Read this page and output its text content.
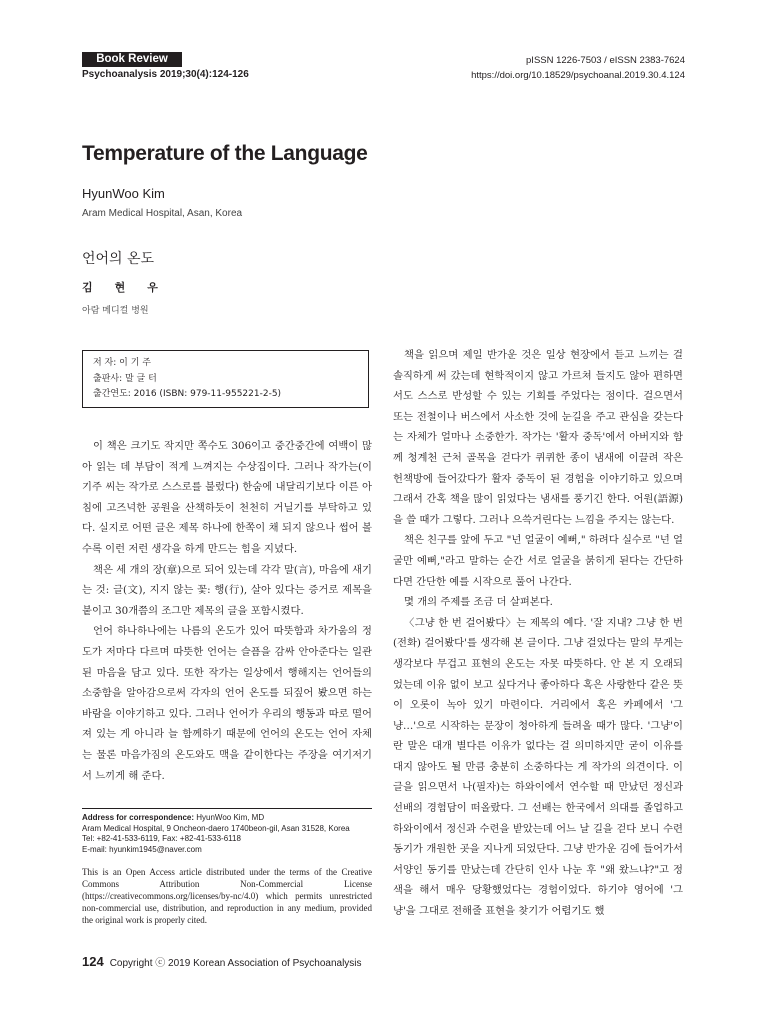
Book Review
Psychoanalysis 2019;30(4):124-126
pISSN 1226-7503 / eISSN 2383-7624
https://doi.org/10.18529/psychoanal.2019.30.4.124
Temperature of the Language
HyunWoo Kim
Aram Medical Hospital, Asan, Korea
언어의 온도
김현우
아람 메디컬 병원
저 자: 이 기 주
출판사: 말 글 터
출간연도: 2016 (ISBN: 979-11-955221-2-5)

이 책은 크기도 작지만 쪽수도 306이고 중간중간에 여백이 많아 읽는 데 부담이 적게 느껴지는 수상집이다. 그러나 작가는(이기주 씨는 작가로 스스로를 불렀다) 한숨에 내달리기보다 이른 아침에 고즈넉한 공원을 산책하듯이 천천히 거닐기를 부탁하고 있다. 실지로 어떤 글은 제목 하나에 한쪽이 채 되지 않으나 썹어 볼수록 이런 저런 생각을 하게 만드는 힘을 지녔다.

책은 세 개의 장(章)으로 되어 있는데 각각 말(言), 마음에 새기는 것: 글(文), 지지 않는 꽃: 행(行), 살아 있다는 증거로 제목을 붙이고 30개쯤의 조그만 제목의 글을 포함시켰다.

언어 하나하나에는 나름의 온도가 있어 따뜻함과 차가움의 정도가 저마다 다르며 따뜻한 언어는 슬픔을 감싸 안아준다는 일관된 마음을 담고 있다. 또한 작가는 일상에서 행해지는 언어들의 소중함을 알아감으로써 각자의 언어 온도를 되짚어 봤으면 하는 바람을 이야기하고 있다. 그러나 언어가 우리의 행동과 따로 떨어져 있는 게 아니라 늘 함께하기 때문에 언어의 온도는 언어 자체는 물론 마음가짐의 온도와도 맥을 같이한다는 주장을 여기저기서 느끼게 해 준다.

책을 읽으며 제일 반가운 것은 일상 현장에서 듣고 느끼는 걸 솔직하게 써 갔는데 현학적이지 않고 가르쳐 들지도 않아 편하면서도 스스로 반성할 수 있는 기회를 주었다는 점이다. 걸으면서 또는 전철이나 버스에서 사소한 것에 눈길을 주고 관심을 갖는다는 자체가 얼마나 소중한가. 작가는 '활자 중독'에서 아버지와 함께 청계천 근처 골목을 걷다가 퀴퀴한 종이 냄새에 이끌려 작은 헌책방에 들어갔다가 활자 중독이 된 경험을 이야기하고 있으며 그래서 간혹 책을 많이 읽었다는 냄새를 풍기긴 한다. 어원(語源)을 쓸 때가 그렇다. 그러나 으쓱거린다는 느낌을 주지는 않는다.

책은 친구를 앞에 두고 "넌 얼굴이 예뻐," 하려다 실수로 "넌 얼굴만 예뻐,"라고 말하는 순간 서로 얼굴을 붉히게 된다는 간단하다면 간단한 예를 시작으로 풀어 나간다.

몇 개의 주제를 조금 더 살펴본다.

〈그냥 한 번 걸어봤다〉는 제목의 예다. '잘 지내? 그냥 한 번 (전화) 걸어봤다'를 생각해 본 글이다. 그냥 걸었다는 말의 무게는 생각보다 무겁고 표현의 온도는 자못 따뜻하다. 안 본 지 오래되었는데 이유 없이 보고 싶다거나 좋아하다 혹은 사랑한다 같은 뜻이 오롯이 녹아 있기 마련이다. 거리에서 혹은 카페에서 '그냥…'으로 시작하는 문장이 청아하게 들려올 때가 많다. '그냥'이란 말은 대개 별다른 이유가 없다는 걸 의미하지만 굳이 이유를 대지 않아도 될 만큼 충분히 소중하다는 게 작가의 의견이다. 이 글을 읽으면서 나(필자)는 하와이에서 연수할 때 만났던 정신과 선배의 경험담이 떠올랐다. 그 선배는 한국에서 의대를 졸업하고 하와이에서 정신과 수련을 받았는데 어느 날 길을 걷다 보니 수련 동기가 개원한 곳을 지나게 되었단다. 그냥 반가운 김에 들어가서 서양인 동기를 만났는데 간단히 인사 나눈 후 "왜 왔느냐?"고 정색을 해서 매우 당황했었다는 경험이었다. 하기야 영어에 '그냥'을 그대로 전해줄 표현을 찾기가 어렵기도 했

Address for correspondence: HyunWoo Kim, MD
Aram Medical Hospital, 9 Oncheon-daero 1740beon-gil, Asan 31528, Korea
Tel: +82-41-533-6119, Fax: +82-41-533-6118
E-mail: hyunkim1945@naver.com
This is an Open Access article distributed under the terms of the Creative Commons Attribution Non-Commercial License (https://creativecommons.org/licenses/by-nc/4.0) which permits unrestricted non-commercial use, distribution, and reproduction in any medium, provided the original work is properly cited.
124 Copyright ⓒ 2019 Korean Association of Psychoanalysis
